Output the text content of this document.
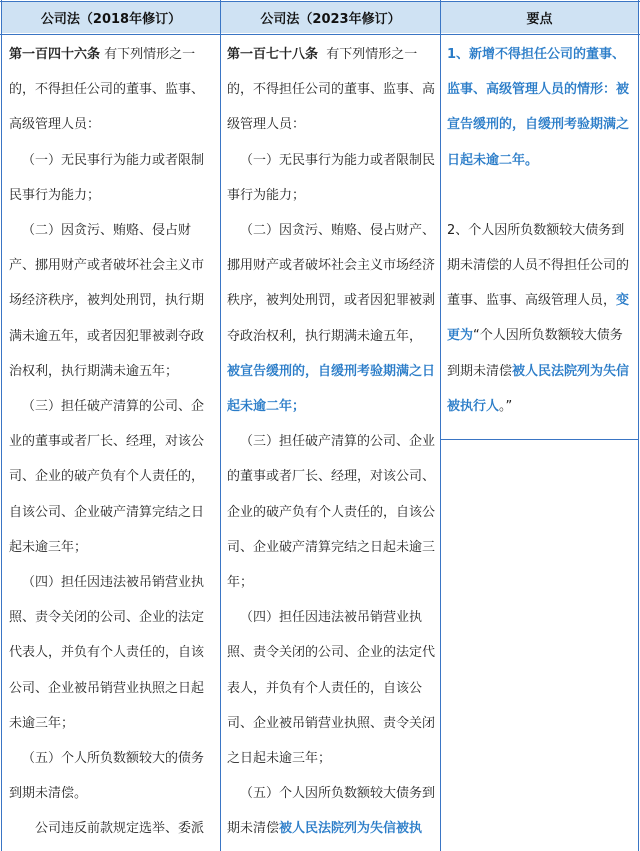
公司法（2018年修订）	公司法（2023年修订）	要点

第一百四十六条 有下列情形之一的，不得担任公司的董事、监事、高级管理人员：

（一）无民事行为能力或者限制民事行为能力；

（二）因贪污、贿赂、侵占财产、挪用财产或者破坏社会主义市场经济秩序，被判处刑罚，执行期满未逾五年，或者因犯罪被剥夺政治权利，执行期满未逾五年；

（三）担任破产清算的公司、企业的董事或者厂长、经理，对该公司、企业的破产负有个人责任的，自该公司、企业破产清算完结之日起未逾三年；

（四）担任因违法被吊销营业执照、责令关闭的公司、企业的法定代表人，并负有个人责任的，自该公司、企业被吊销营业执照之日起未逾三年；

（五）个人所负数额较大的债务到期未清偿。

公司违反前款规定选举、委派

第一百七十八条 有下列情形之一的，不得担任公司的董事、监事、高级管理人员：

（一）无民事行为能力或者限制民事行为能力；

（二）因贪污、贿赂、侵占财产、挪用财产或者破坏社会主义市场经济秩序，被判处刑罚，或者因犯罪被剥夺政治权利，执行期满未逾五年，被宣告缓刑的，自缓刑考验期满之日起未逾二年；

（三）担任破产清算的公司、企业的董事或者厂长、经理，对该公司、企业的破产负有个人责任的，自该公司、企业破产清算完结之日起未逾三年；

（四）担任因违法被吊销营业执照、责令关闭的公司、企业的法定代表人，并负有个人责任的，自该公司、企业被吊销营业执照、责令关闭之日起未逾三年；

（五）个人因所负数额较大债务到期未清偿被人民法院列为失信被执

1、新增不得担任公司的董事、监事、高级管理人员的情形：被宣告缓刑的，自缓刑考验期满之日起未逾二年。

2、个人因所负数额较大债务到期未清偿的人员不得担任公司的董事、监事、高级管理人员，变更为“个人因所负数额较大债务到期未清偿被人民法院列为失信被执行人。”
